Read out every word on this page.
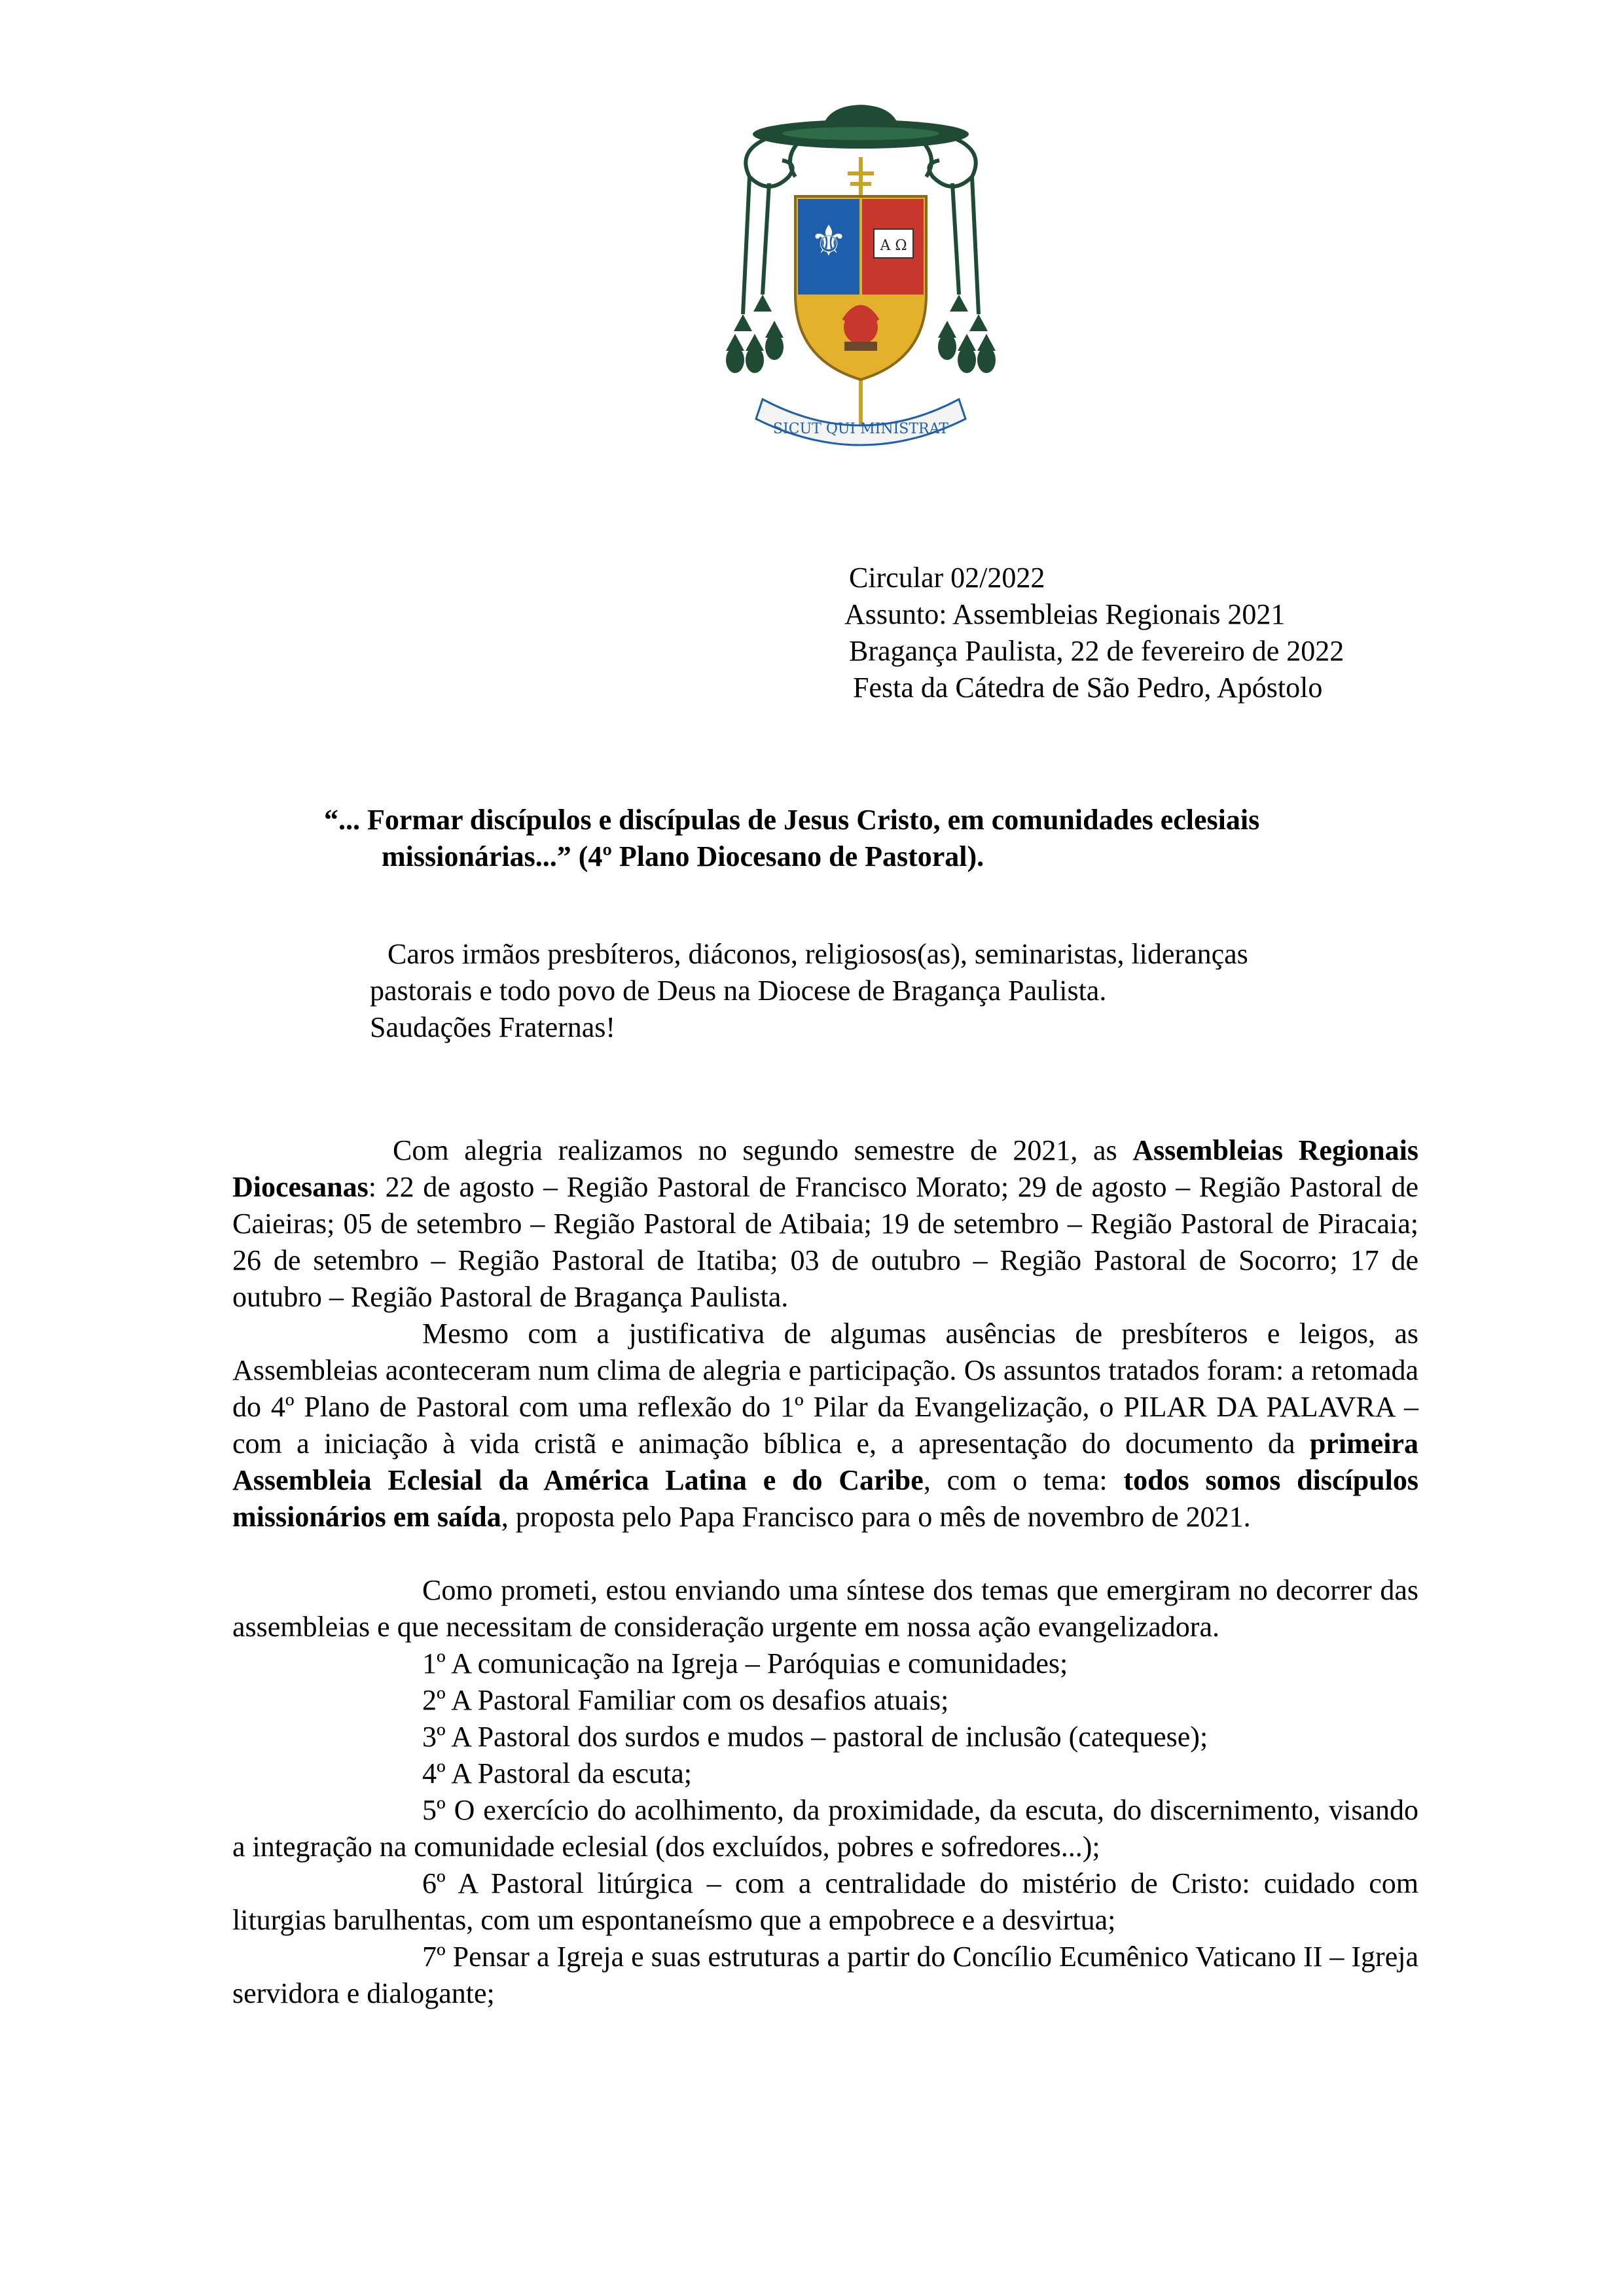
⚜ A Ω
SICUT QUI MINISTRAT
Circular 02/2022
Assunto: Assembleias Regionais 2021
Bragança Paulista, 22 de fevereiro de 2022
Festa da Cátedra de São Pedro, Apóstolo
“... Formar discípulos e discípulas de Jesus Cristo, em comunidades eclesiais
missionárias...” (4º Plano Diocesano de Pastoral).
Caros irmãos presbíteros, diáconos, religiosos(as), seminaristas, lideranças
pastorais e todo povo de Deus na Diocese de Bragança Paulista.
Saudações Fraternas!

Com alegria realizamos no segundo semestre de 2021, as Assembleias Regionais Diocesanas: 22 de agosto – Região Pastoral de Francisco Morato; 29 de agosto – Região Pastoral de Caieiras; 05 de setembro – Região Pastoral de Atibaia; 19 de setembro – Região Pastoral de Piracaia; 26 de setembro – Região Pastoral de Itatiba; 03 de outubro – Região Pastoral de Socorro; 17 de outubro – Região Pastoral de Bragança Paulista.

Mesmo com a justificativa de algumas ausências de presbíteros e leigos, as Assembleias aconteceram num clima de alegria e participação. Os assuntos tratados foram: a retomada do 4º Plano de Pastoral com uma reflexão do 1º Pilar da Evangelização, o PILAR DA PALAVRA – com a iniciação à vida cristã e animação bíblica e, a apresentação do documento da primeira Assembleia Eclesial da América Latina e do Caribe, com o tema: todos somos discípulos missionários em saída, proposta pelo Papa Francisco para o mês de novembro de 2021.

Como prometi, estou enviando uma síntese dos temas que emergiram no decorrer das assembleias e que necessitam de consideração urgente em nossa ação evangelizadora.

1º A comunicação na Igreja – Paróquias e comunidades;
2º A Pastoral Familiar com os desafios atuais;
3º A Pastoral dos surdos e mudos – pastoral de inclusão (catequese);
4º A Pastoral da escuta;

5º O exercício do acolhimento, da proximidade, da escuta, do discernimento, visando a integração na comunidade eclesial (dos excluídos, pobres e sofredores...);

6º A Pastoral litúrgica – com a centralidade do mistério de Cristo: cuidado com liturgias barulhentas, com um espontaneísmo que a empobrece e a desvirtua;

7º Pensar a Igreja e suas estruturas a partir do Concílio Ecumênico Vaticano II – Igreja servidora e dialogante;
